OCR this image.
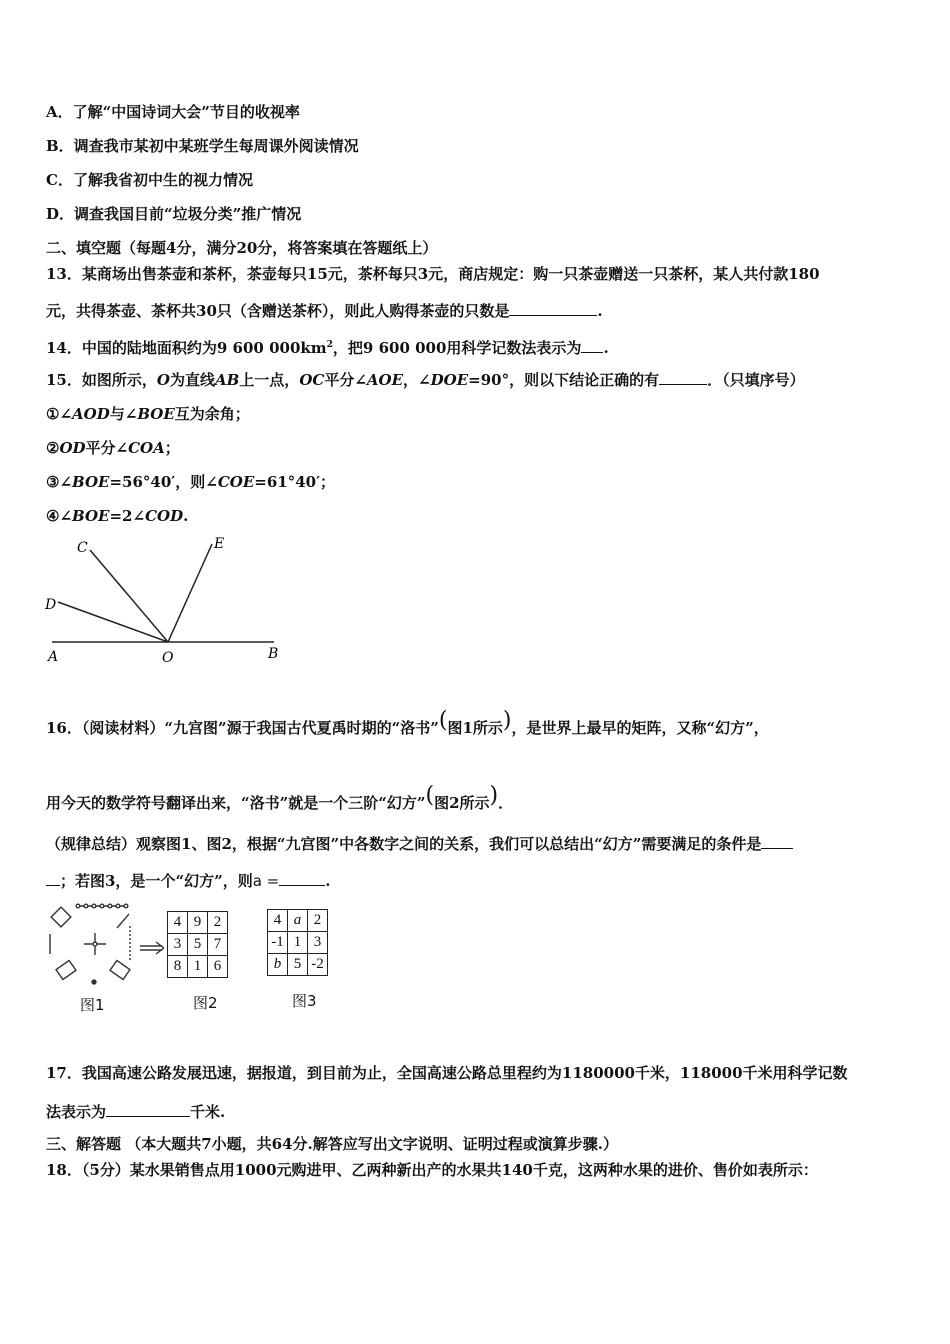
A．了解“中国诗词大会”节目的收视率
B．调查我市某初中某班学生每周课外阅读情况
C．了解我省初中生的视力情况
D．调查我国目前“垃圾分类”推广情况
二、填空题（每题4分，满分20分，将答案填在答题纸上）
13．某商场出售茶壶和茶杯，茶壶每只15元，茶杯每只3元，商店规定：购一只茶壶赠送一只茶杯，某人共付款180
元，共得茶壶、茶杯共30只（含赠送茶杯），则此人购得茶壶的只数是	.
14．中国的陆地面积约为9 600 $000km^2$，把9 600 000用科学记数法表示为 .
15．如图所示，O为直线AB上一点，OC平分∠AOE，∠DOE=90°，则以下结论正确的有	．（只填序号）
①∠AOD与∠BOE互为余角；
②OD平分∠COA；
③∠BOE=56°40′，则∠COE=61°40′；
④∠BOE=2∠COD.
C	E
D
A	O	B
16．（阅读材料）“九宫图”源于我国古代夏禹时期的“洛书”(图1所示)，是世界上最早的矩阵，又称“幻方”，
用今天的数学符号翻译出来，“洛书”就是一个三阶“幻方”(图2所示)．
（规律总结）观察图1、图2，根据“九宫图”中各数字之间的关系，我们可以总结出“幻方”需要满足的条件是
；若图3，是一个“幻方”，则a =	.
图1
4	9	2
3	5	7
8	1	6
图2
4	a	2
-1	1	3
b	5	-2
图3
17．我国高速公路发展迅速，据报道，到目前为止，全国高速公路总里程约为1180000千米，118000千米用科学记数
法表示为	千米.
三、解答题 （本大题共7小题，共64分.解答应写出文字说明、证明过程或演算步骤.）
18．（5分）某水果销售点用1000元购进甲、乙两种新出产的水果共140千克，这两种水果的进价、售价如表所示：
